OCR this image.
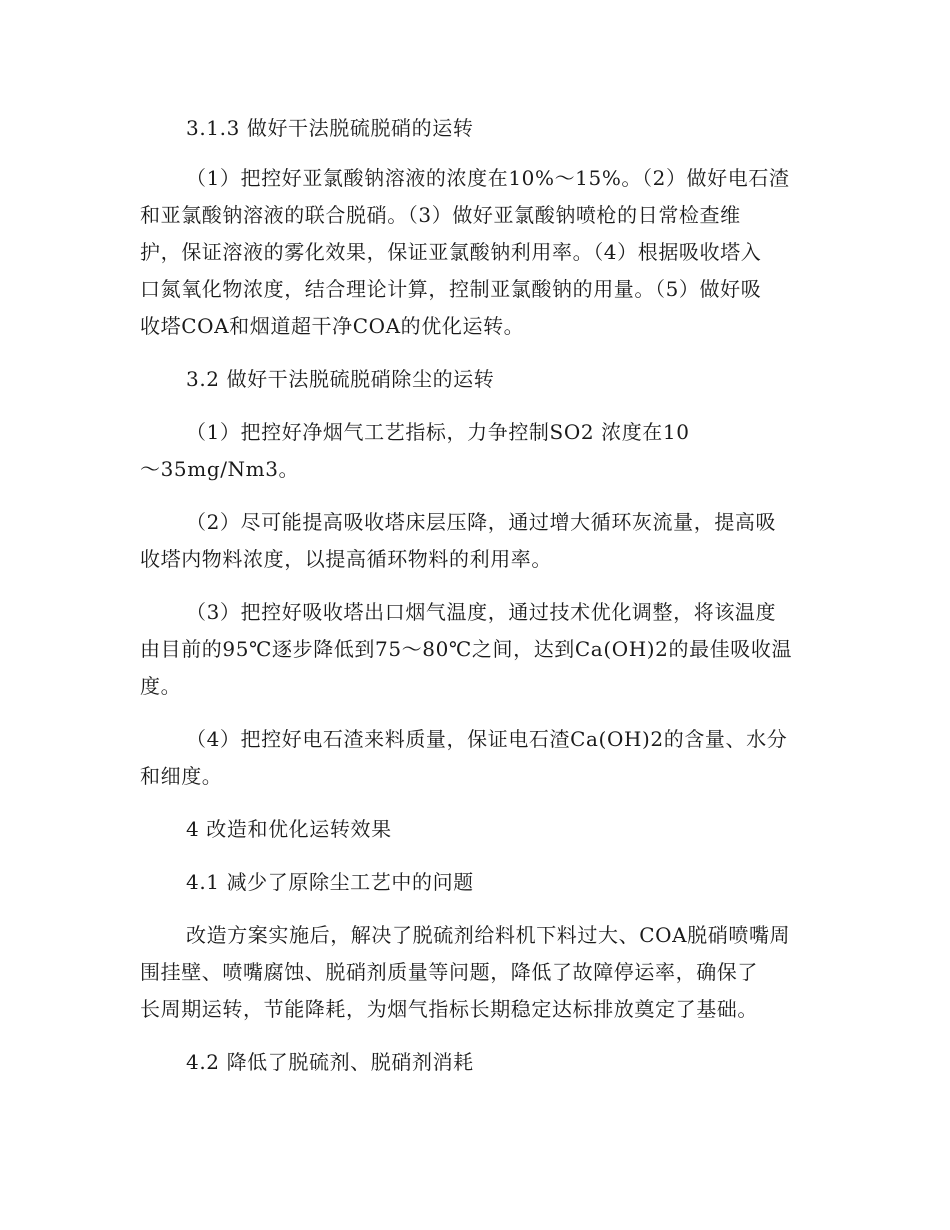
3.1.3 做好干法脱硫脱硝的运转
（1）把控好亚氯酸钠溶液的浓度在10%～15%。（2）做好电石渣
和亚氯酸钠溶液的联合脱硝。（3）做好亚氯酸钠喷枪的日常检查维
护，保证溶液的雾化效果，保证亚氯酸钠利用率。（4）根据吸收塔入
口氮氧化物浓度，结合理论计算，控制亚氯酸钠的用量。（5）做好吸
收塔COA和烟道超干净COA的优化运转。
3.2 做好干法脱硫脱硝除尘的运转
（1）把控好净烟气工艺指标，力争控制SO2 浓度在10
～35mg/Nm3。
（2）尽可能提高吸收塔床层压降，通过增大循环灰流量，提高吸
收塔内物料浓度，以提高循环物料的利用率。
（3）把控好吸收塔出口烟气温度，通过技术优化调整，将该温度
由目前的95℃逐步降低到75～80℃之间，达到Ca(OH)2的最佳吸收温
度。
（4）把控好电石渣来料质量，保证电石渣Ca(OH)2的含量、水分
和细度。
4 改造和优化运转效果
4.1 减少了原除尘工艺中的问题
改造方案实施后，解决了脱硫剂给料机下料过大、COA脱硝喷嘴周
围挂壁、喷嘴腐蚀、脱硝剂质量等问题，降低了故障停运率，确保了
长周期运转，节能降耗，为烟气指标长期稳定达标排放奠定了基础。
4.2 降低了脱硫剂、脱硝剂消耗
